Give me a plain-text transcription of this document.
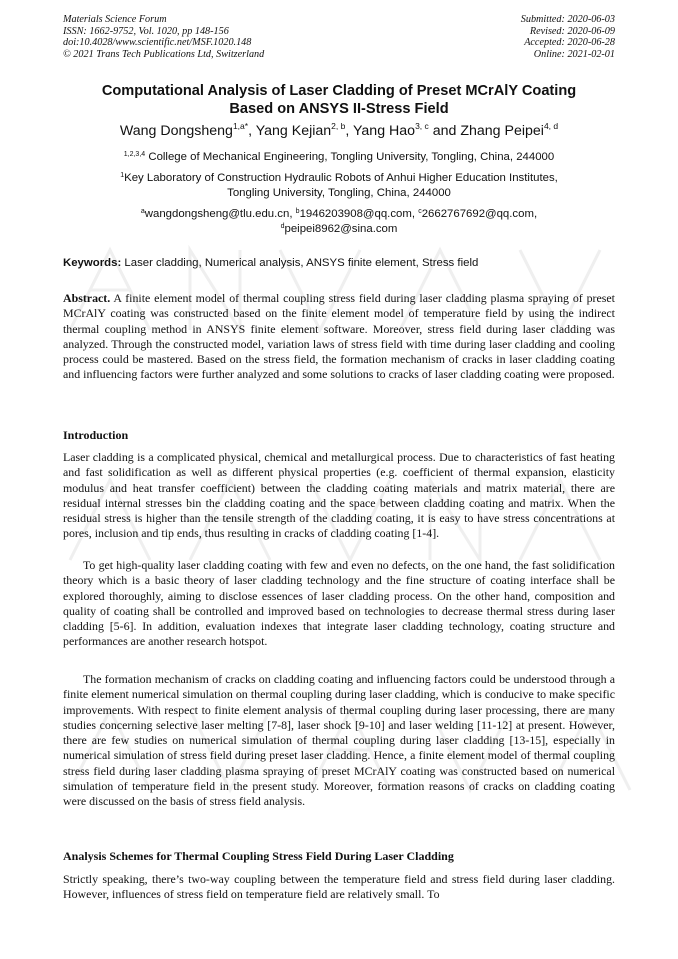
Materials Science Forum
ISSN: 1662-9752, Vol. 1020, pp 148-156
doi:10.4028/www.scientific.net/MSF.1020.148
© 2021 Trans Tech Publications Ltd, Switzerland
Submitted: 2020-06-03
Revised: 2020-06-09
Accepted: 2020-06-28
Online: 2021-02-01
Computational Analysis of Laser Cladding of Preset MCrAlY Coating
Based on ANSYS II-Stress Field
Wang Dongsheng$^{1,a*}$, Yang Kejian$^{2, b}$, Yang Hao$^{3, c}$ and Zhang Peipei$^{4, d}$
$^{1,2,3,4}$ College of Mechanical Engineering, Tongling University, Tongling, China, 244000
$^1$Key Laboratory of Construction Hydraulic Robots of Anhui Higher Education Institutes,
Tongling University, Tongling, China, 244000
$^a$wangdongsheng@tlu.edu.cn, $^b$1946203908@qq.com, $^c$2662767692@qq.com,
$^d$peipei8962@sina.com
Keywords: Laser cladding, Numerical analysis, ANSYS finite element, Stress field
Abstract. A finite element model of thermal coupling stress field during laser cladding plasma spraying of preset MCrAlY coating was constructed based on the finite element model of temperature field by using the indirect thermal coupling method in ANSYS finite element software. Moreover, stress field during laser cladding was analyzed. Through the constructed model, variation laws of stress field with time during laser cladding and cooling process could be mastered. Based on the stress field, the formation mechanism of cracks in laser cladding coating and influencing factors were further analyzed and some solutions to cracks of laser cladding coating were proposed.
Introduction
Laser cladding is a complicated physical, chemical and metallurgical process. Due to characteristics of fast heating and fast solidification as well as different physical properties (e.g. coefficient of thermal expansion, elasticity modulus and heat transfer coefficient) between the cladding coating materials and matrix material, there are residual internal stresses bin the cladding coating and the space between cladding coating and matrix. When the residual stress is higher than the tensile strength of the cladding coating, it is easy to have stress concentrations at pores, inclusion and tip ends, thus resulting in cracks of cladding coating [1-4].
To get high-quality laser cladding coating with few and even no defects, on the one hand, the fast solidification theory which is a basic theory of laser cladding technology and the fine structure of coating interface shall be explored thoroughly, aiming to disclose essences of laser cladding process. On the other hand, composition and quality of coating shall be controlled and improved based on technologies to decrease thermal stress during laser cladding [5-6]. In addition, evaluation indexes that integrate laser cladding technology, coating structure and performances are another research hotspot.
The formation mechanism of cracks on cladding coating and influencing factors could be understood through a finite element numerical simulation on thermal coupling during laser cladding, which is conducive to make specific improvements. With respect to finite element analysis of thermal coupling during laser processing, there are many studies concerning selective laser melting [7-8], laser shock [9-10] and laser welding [11-12] at present. However, there are few studies on numerical simulation of thermal coupling during laser cladding [13-15], especially in numerical simulation of stress field during preset laser cladding. Hence, a finite element model of thermal coupling stress field during laser cladding plasma spraying of preset MCrAlY coating was constructed based on numerical simulation of temperature field in the present study. Moreover, formation reasons of cracks on cladding coating were discussed on the basis of stress field analysis.
Analysis Schemes for Thermal Coupling Stress Field During Laser Cladding
Strictly speaking, there’s two-way coupling between the temperature field and stress field during laser cladding. However, influences of stress field on temperature field are relatively small. To
